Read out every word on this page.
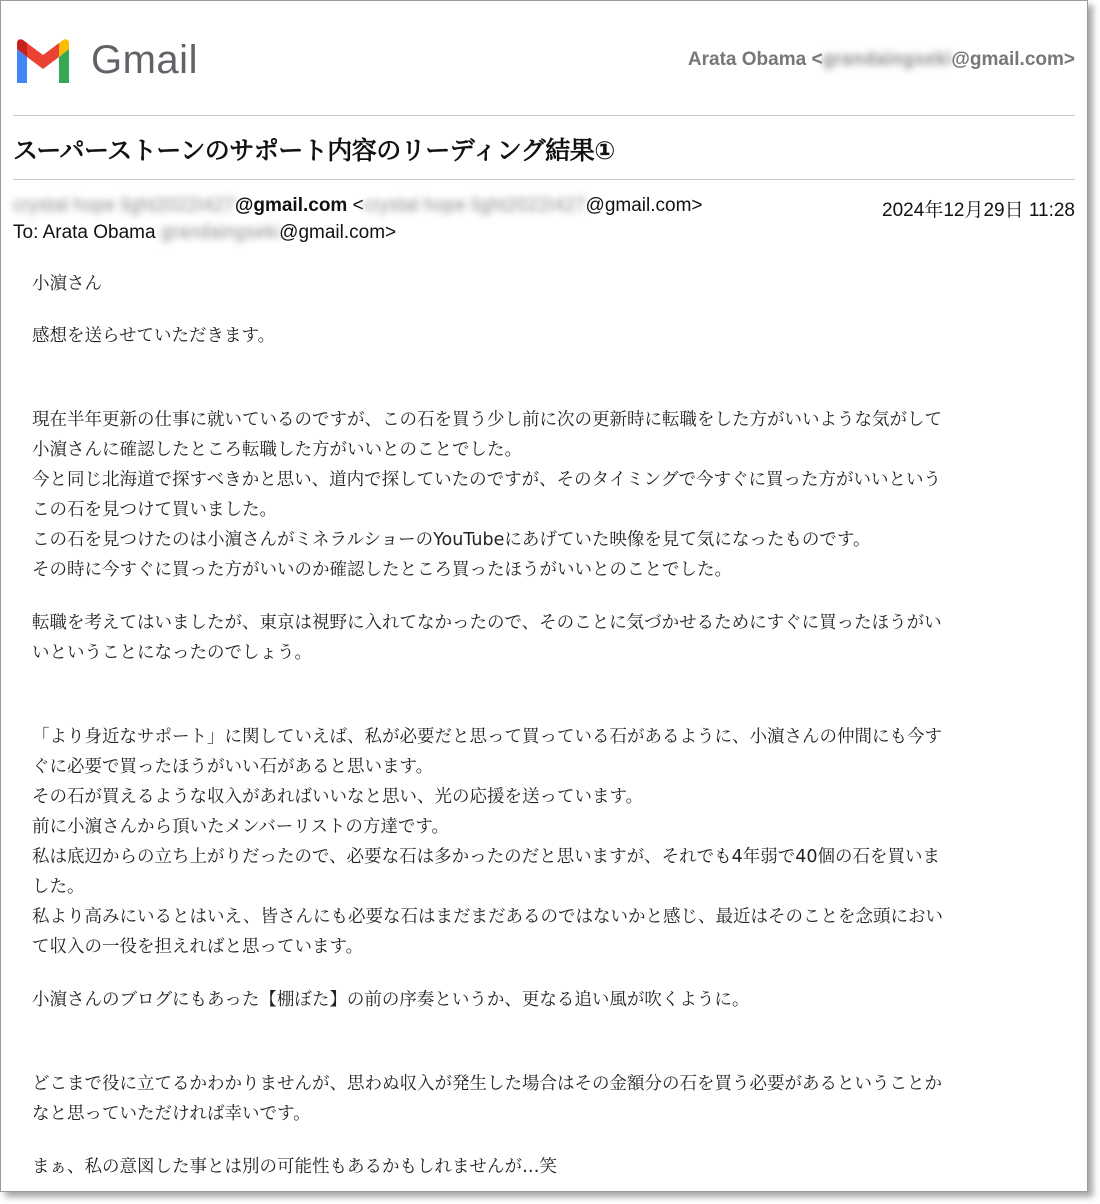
Gmail	Arata Obama <grandaingseki@gmail.com>
スーパーストーンのサポート内容のリーディング結果①
crystal hope light2022I427@gmail.com <crystal hope light2022I427@gmail.com>	2024年12月29日 11:28
To: Arata Obama grandaingseki@gmail.com>

小濵さん

感想を送らせていただきます。

現在半年更新の仕事に就いているのですが、この石を買う少し前に次の更新時に転職をした方がいいような気がして

小濵さんに確認したところ転職した方がいいとのことでした。

今と同じ北海道で探すべきかと思い、道内で探していたのですが、そのタイミングで今すぐに買った方がいいという

この石を見つけて買いました。

この石を見つけたのは小濵さんがミネラルショーのYouTubeにあげていた映像を見て気になったものです。

その時に今すぐに買った方がいいのか確認したところ買ったほうがいいとのことでした。

転職を考えてはいましたが、東京は視野に入れてなかったので、そのことに気づかせるためにすぐに買ったほうがい

いということになったのでしょう。

「より身近なサポート」に関していえば、私が必要だと思って買っている石があるように、小濵さんの仲間にも今す

ぐに必要で買ったほうがいい石があると思います。

その石が買えるような収入があればいいなと思い、光の応援を送っています。

前に小濵さんから頂いたメンバーリストの方達です。

私は底辺からの立ち上がりだったので、必要な石は多かったのだと思いますが、それでも4年弱で40個の石を買いま

した。

私より高みにいるとはいえ、皆さんにも必要な石はまだまだあるのではないかと感じ、最近はそのことを念頭におい

て収入の一役を担えればと思っています。

小濵さんのブログにもあった【棚ぼた】の前の序奏というか、更なる追い風が吹くように。

どこまで役に立てるかわかりませんが、思わぬ収入が発生した場合はその金額分の石を買う必要があるということか

なと思っていただければ幸いです。

まぁ、私の意図した事とは別の可能性もあるかもしれませんが…笑
